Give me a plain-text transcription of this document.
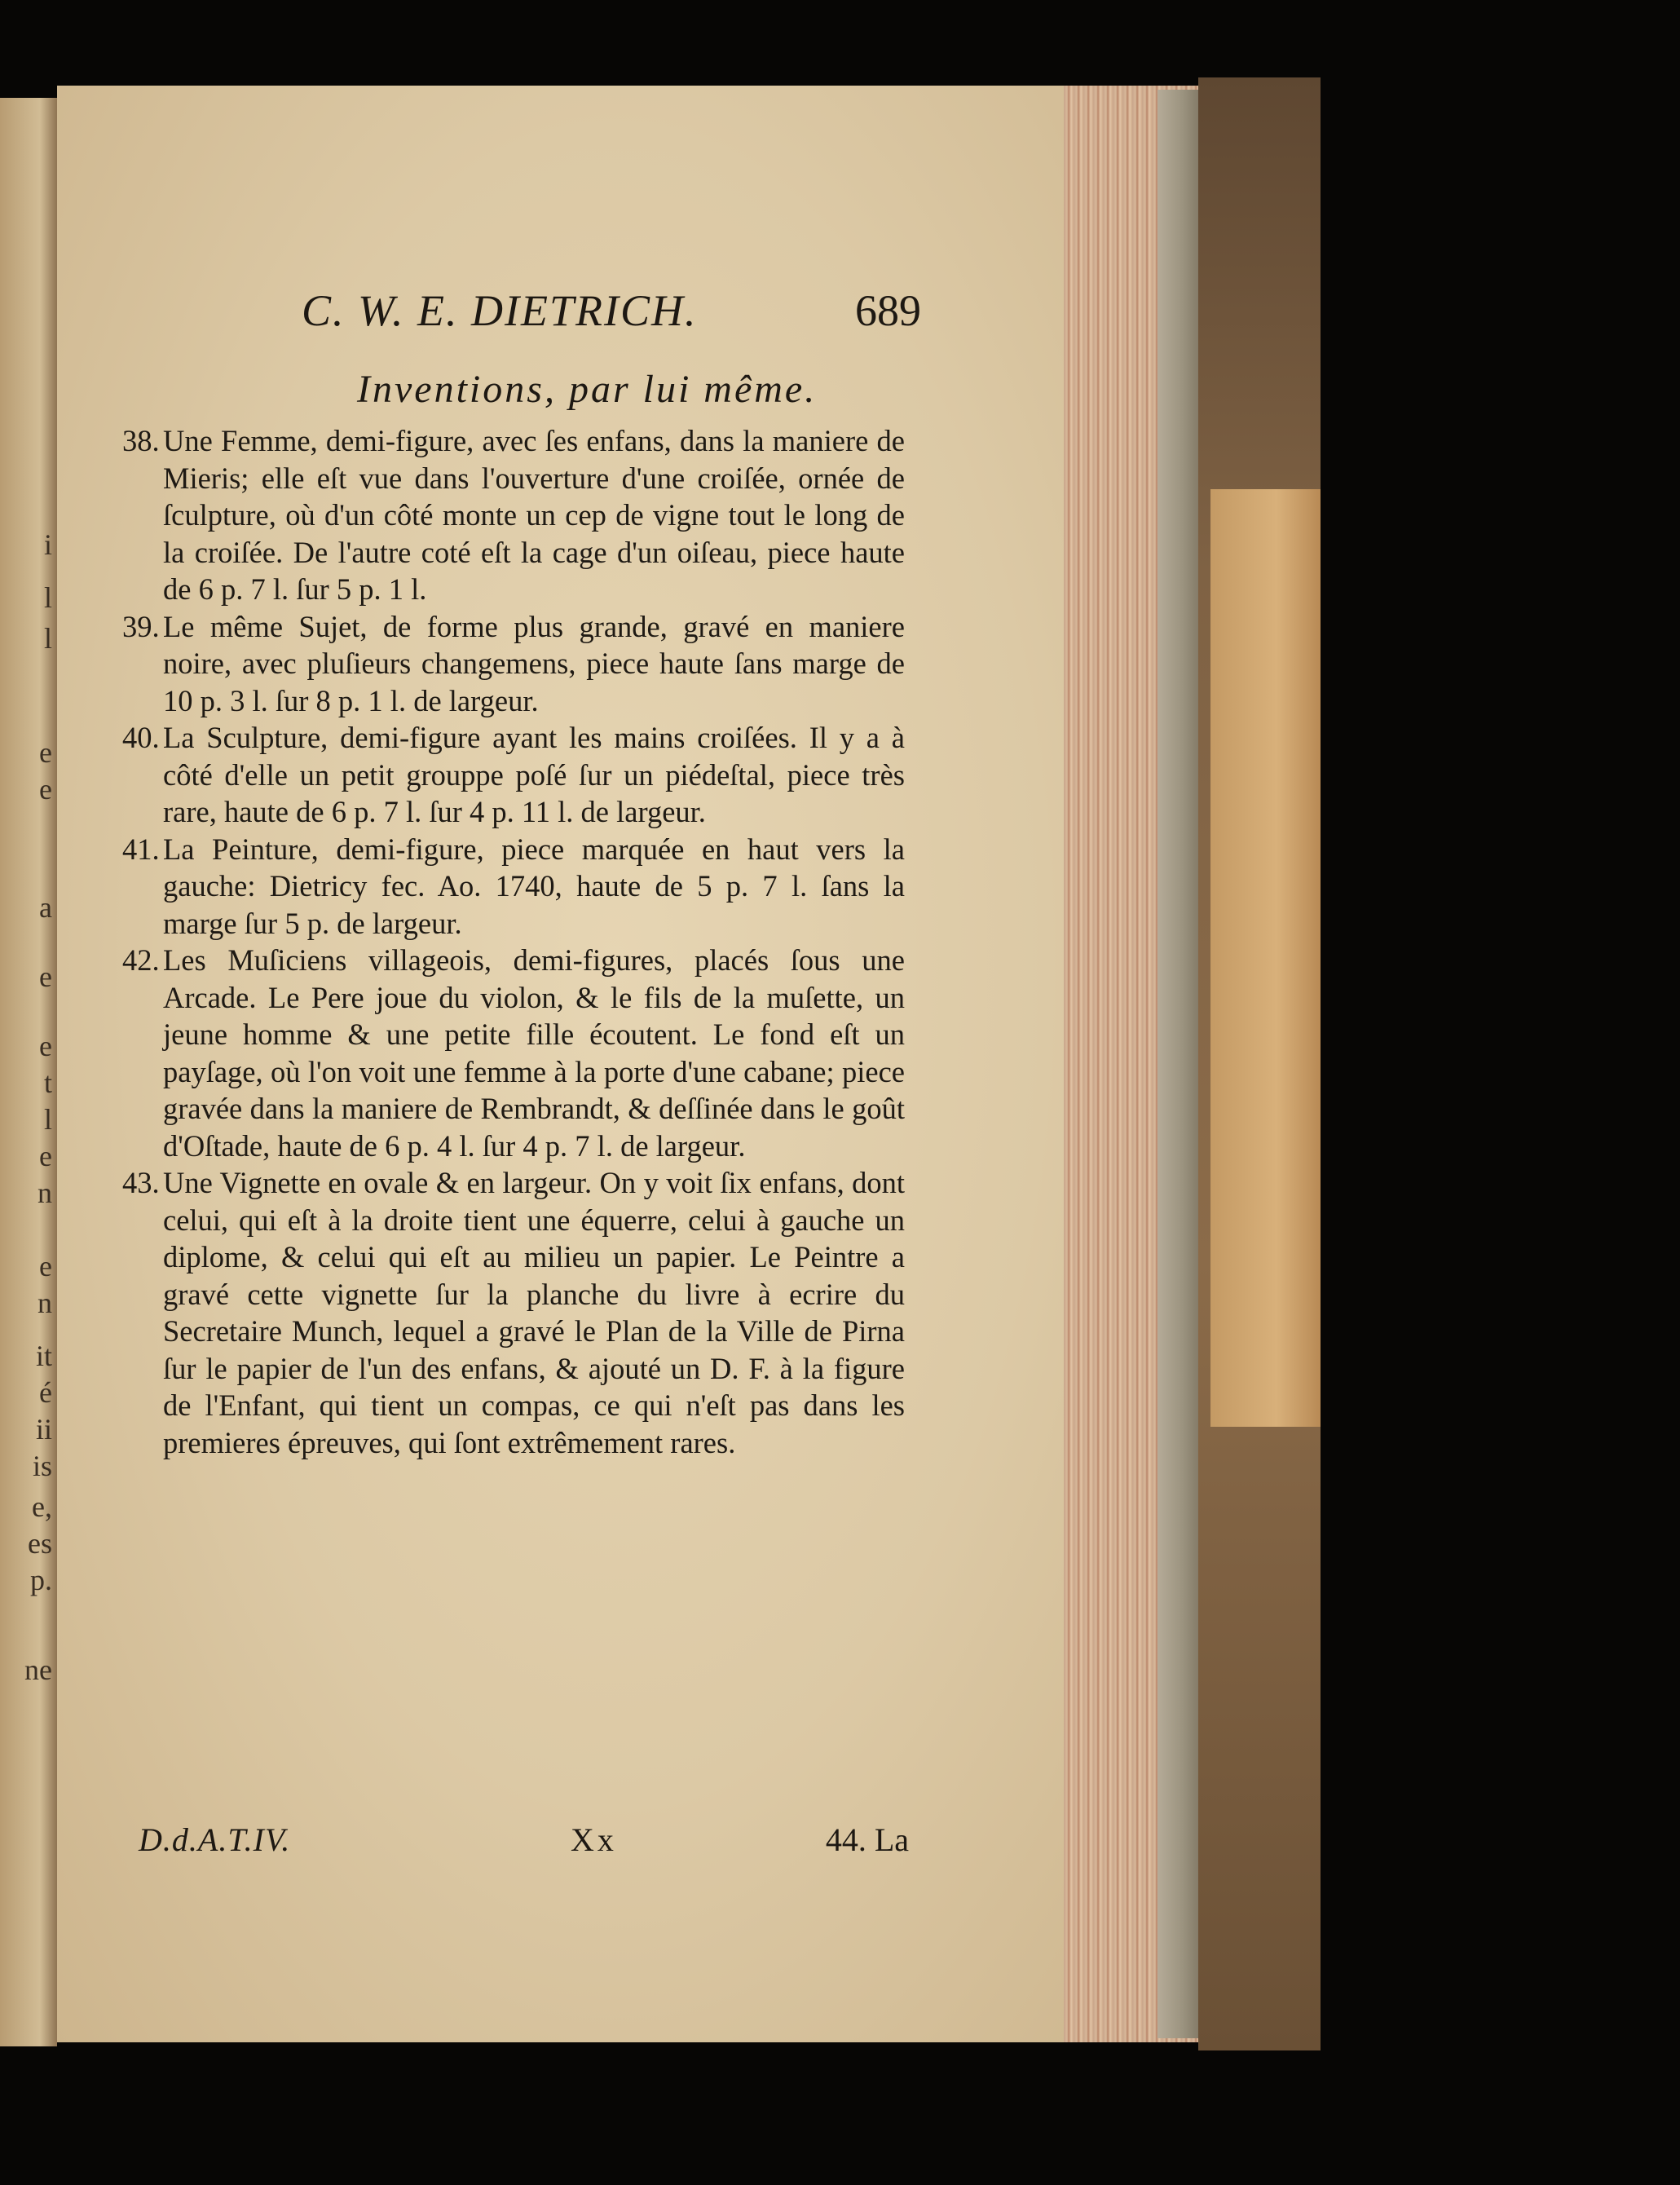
i
l
l
e
e
a
e
e
t
l
e
n
e
n
it
é
ii
is
e,
es
p.
ne
C. W. E. DIETRICH.	689
Inventions, par lui même.

38. Une Femme, demi-figure, avec ſes enfans, dans la maniere de Mieris; elle eſt vue dans l'ouverture d'une croiſée, ornée de ſculpture, où d'un côté monte un cep de vigne tout le long de la croiſée. De l'autre coté eſt la cage d'un oiſeau, piece haute de 6 p. 7 l. ſur 5 p. 1 l.

39. Le même Sujet, de forme plus grande, gravé en maniere noire, avec pluſieurs changemens, piece haute ſans marge de 10 p. 3 l. ſur 8 p. 1 l. de largeur.

40. La Sculpture, demi-figure ayant les mains croiſées. Il y a à côté d'elle un petit grouppe poſé ſur un piédeſtal, piece très rare, haute de 6 p. 7 l. ſur 4 p. 11 l. de largeur.

41. La Peinture, demi-figure, piece marquée en haut vers la gauche: Dietricy fec. Ao. 1740, haute de 5 p. 7 l. ſans la marge ſur 5 p. de largeur.

42. Les Muſiciens villageois, demi-figures, placés ſous une Arcade. Le Pere joue du violon, & le fils de la muſette, un jeune homme & une petite fille écoutent. Le fond eſt un payſage, où l'on voit une femme à la porte d'une cabane; piece gravée dans la maniere de Rembrandt, & deſſinée dans le goût d'Oſtade, haute de 6 p. 4 l. ſur 4 p. 7 l. de largeur.

43. Une Vignette en ovale & en largeur. On y voit ſix enfans, dont celui, qui eſt à la droite tient une équerre, celui à gauche un diplome, & celui qui eſt au milieu un papier. Le Peintre a gravé cette vignette ſur la planche du livre à ecrire du Secretaire Munch, lequel a gravé le Plan de la Ville de Pirna ſur le papier de l'un des enfans, & ajouté un D. F. à la figure de l'Enfant, qui tient un compas, ce qui n'eſt pas dans les premieres épreuves, qui ſont extrêmement rares.

D.d.A.T.IV.	Xx	44. La
